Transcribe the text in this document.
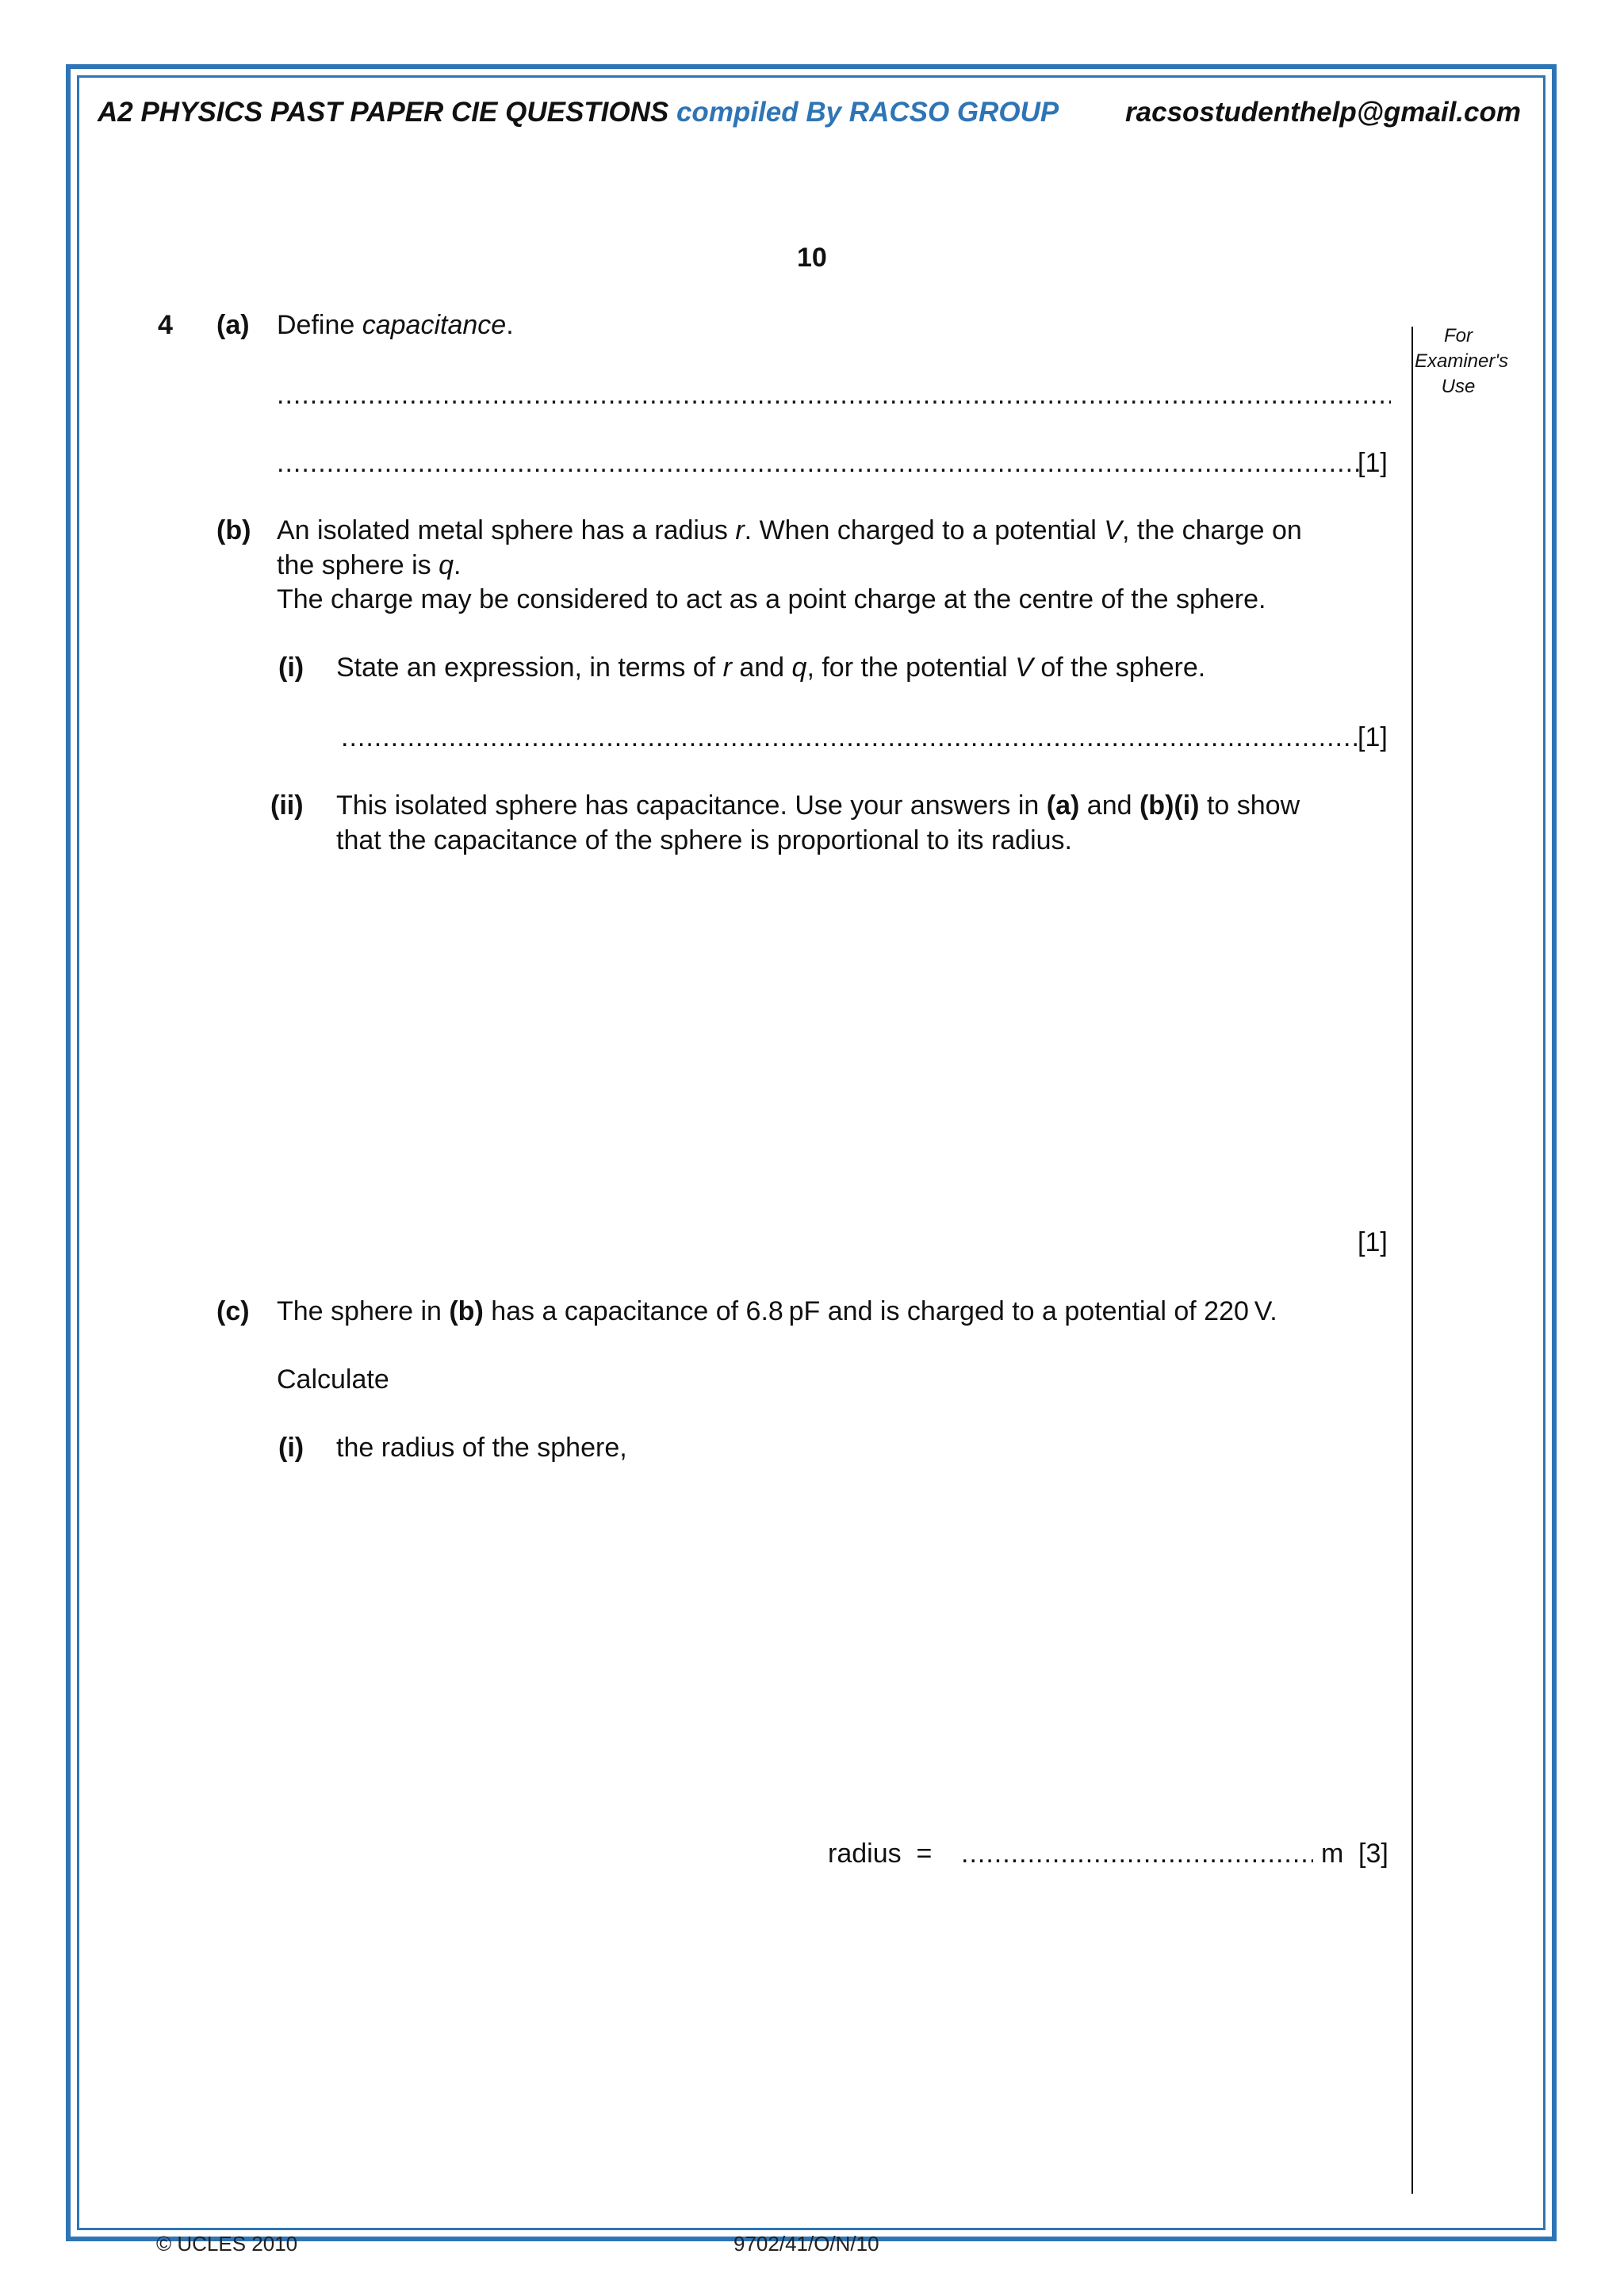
A2 PHYSICS PAST PAPER CIE QUESTIONS compiled By RACSO GROUP racsostudenthelp@gmail.com
10
For
Examiner's
Use
4 (a) Define capacitance.
.....
.....
[1]
(b) An isolated metal sphere has a radius r. When charged to a potential V, the charge on
the sphere is q.
The charge may be considered to act as a point charge at the centre of the sphere.
(i) State an expression, in terms of r and q, for the potential V of the sphere.
.....
[1]
(ii) This isolated sphere has capacitance. Use your answers in (a) and (b)(i) to show
that the capacitance of the sphere is proportional to its radius.
[1]
(c) The sphere in (b) has a capacitance of 6.8 pF and is charged to a potential of 220 V.
Calculate
(i) the radius of the sphere,
radius  =
.....	m [3]
© UCLES 2010	9702/41/O/N/10
